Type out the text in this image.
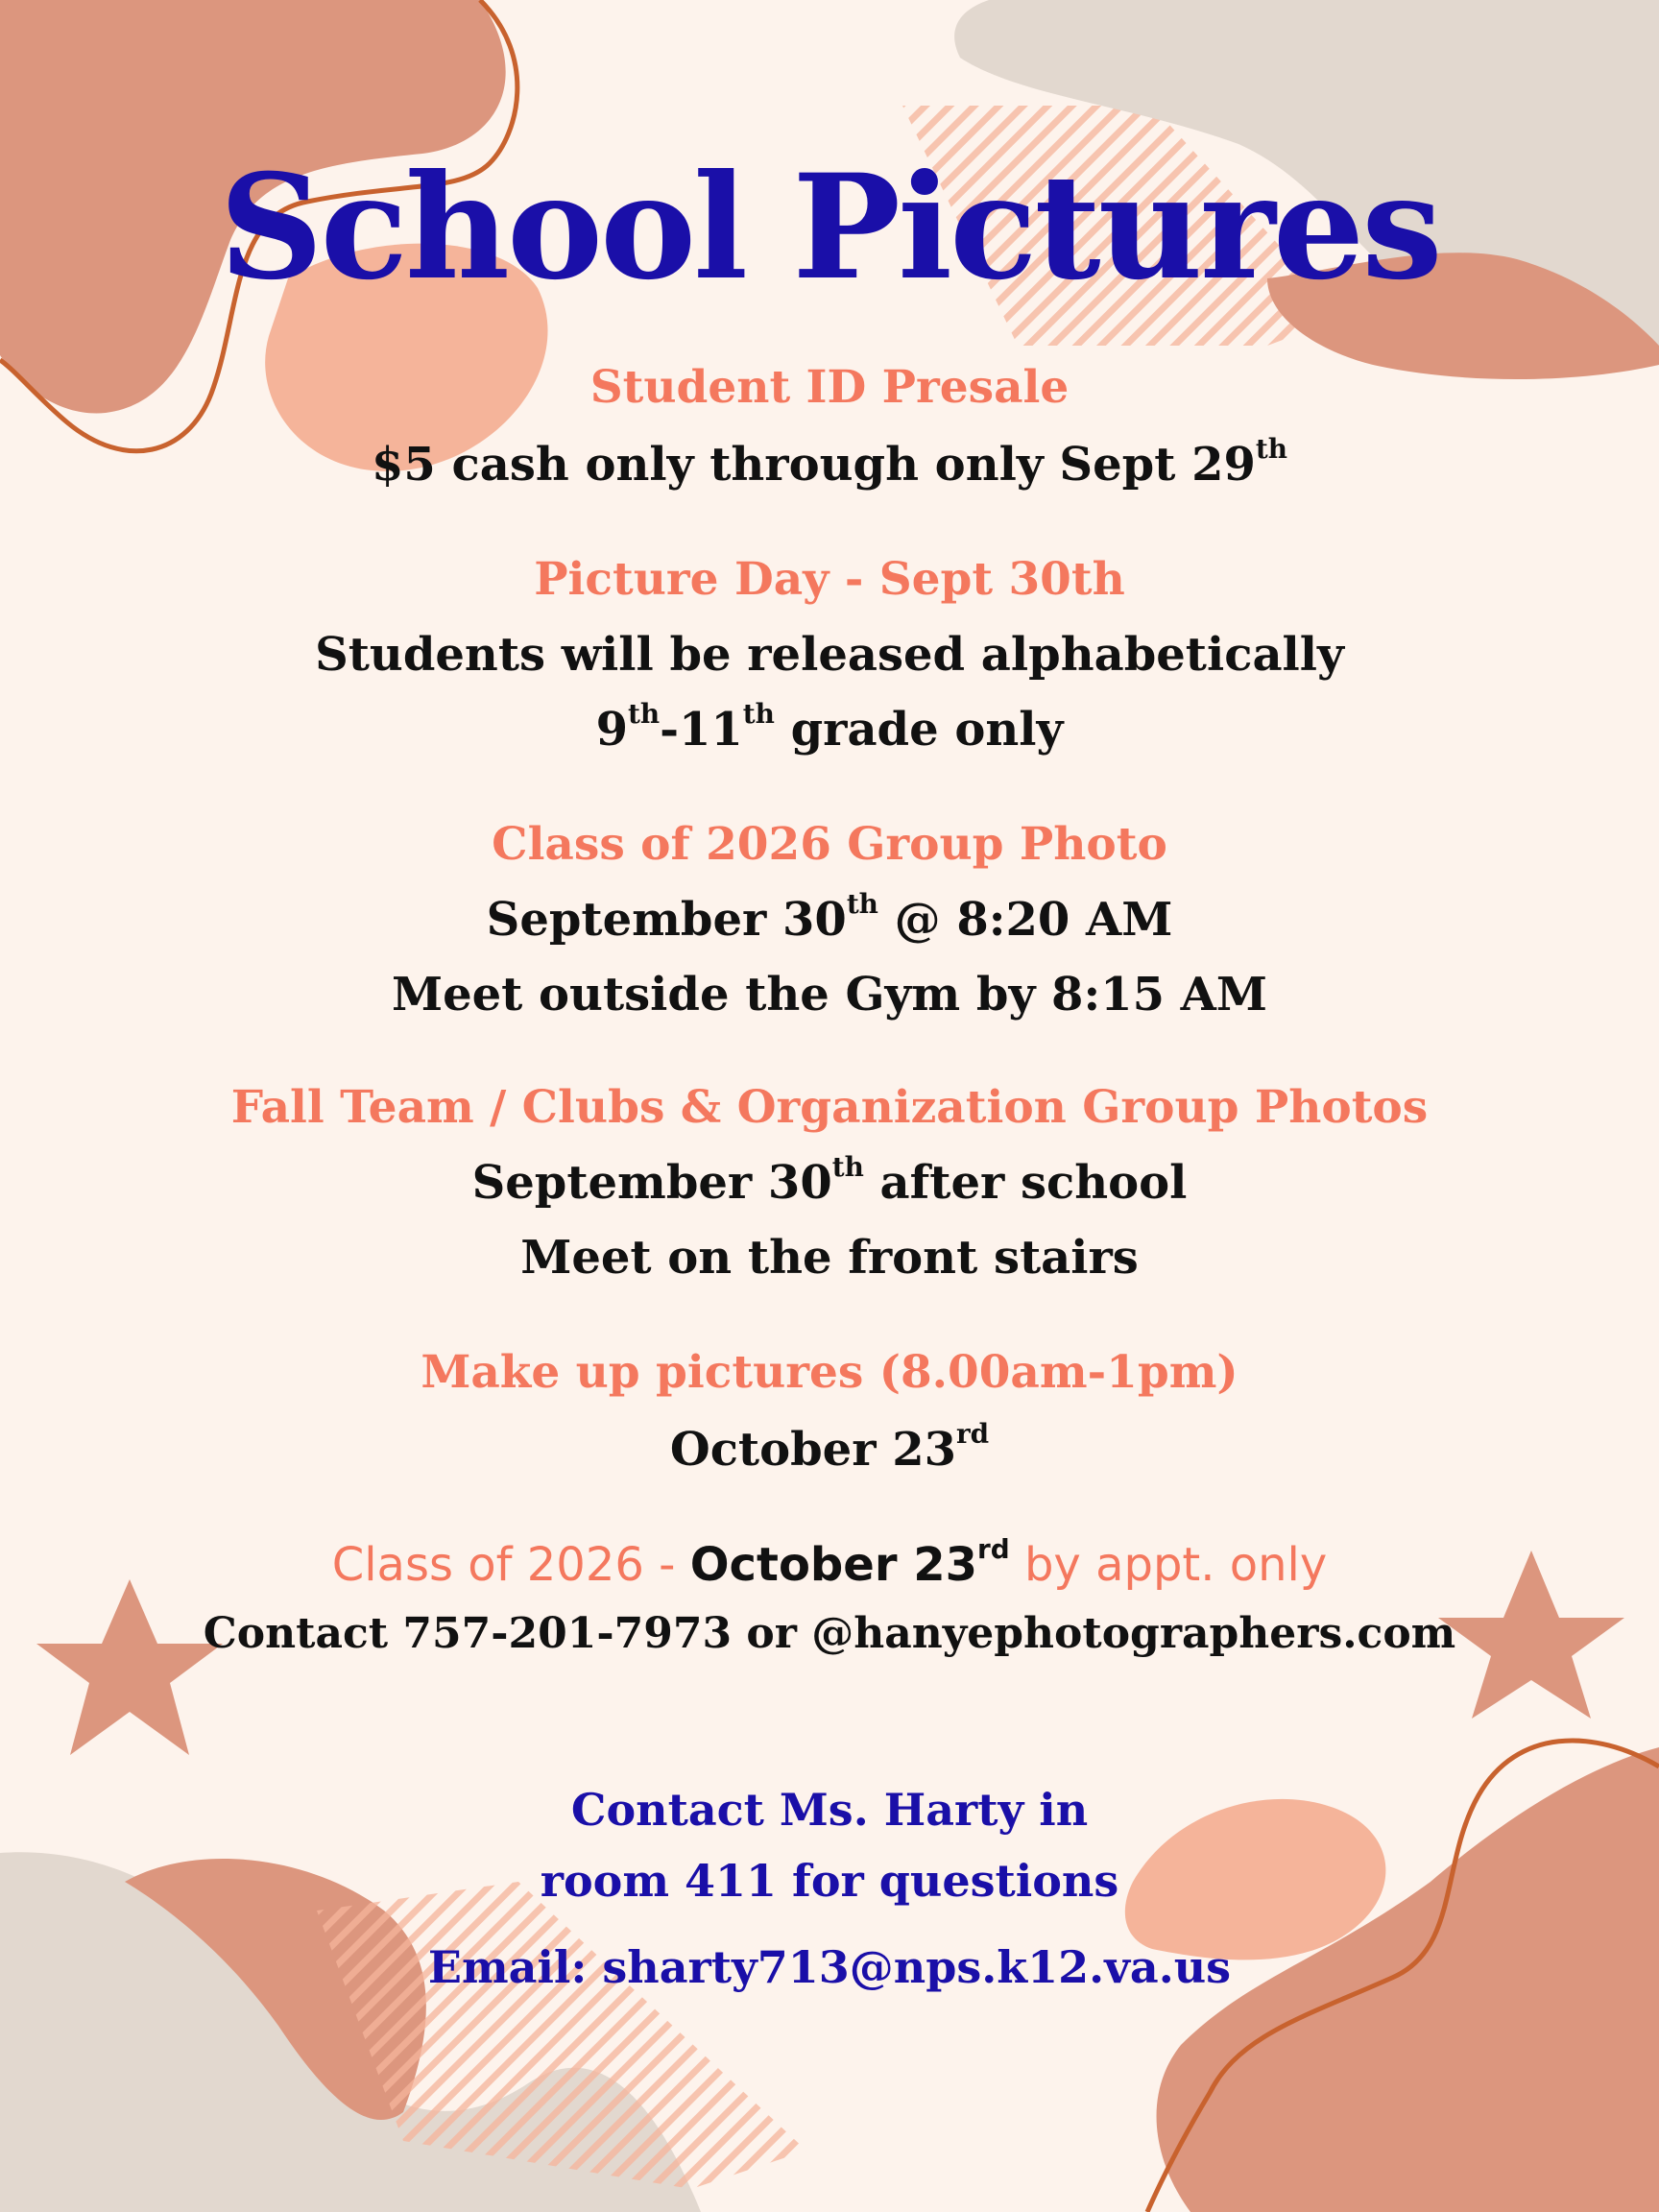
School Pictures
Student ID Presale
$5 cash only through only Sept 29th
Picture Day - Sept 30th
Students will be released alphabetically
9th-11th grade only
Class of 2026 Group Photo
September 30th @ 8:20 AM
Meet outside the Gym by 8:15 AM
Fall Team / Clubs & Organization Group Photos
September 30th after school
Meet on the front stairs
Make up pictures (8.00am-1pm)
October 23rd
Class of 2026 - October 23rd by appt. only
Contact 757-201-7973 or @hanyephotographers.com
Contact Ms. Harty in
room 411 for questions
Email: sharty713@nps.k12.va.us
